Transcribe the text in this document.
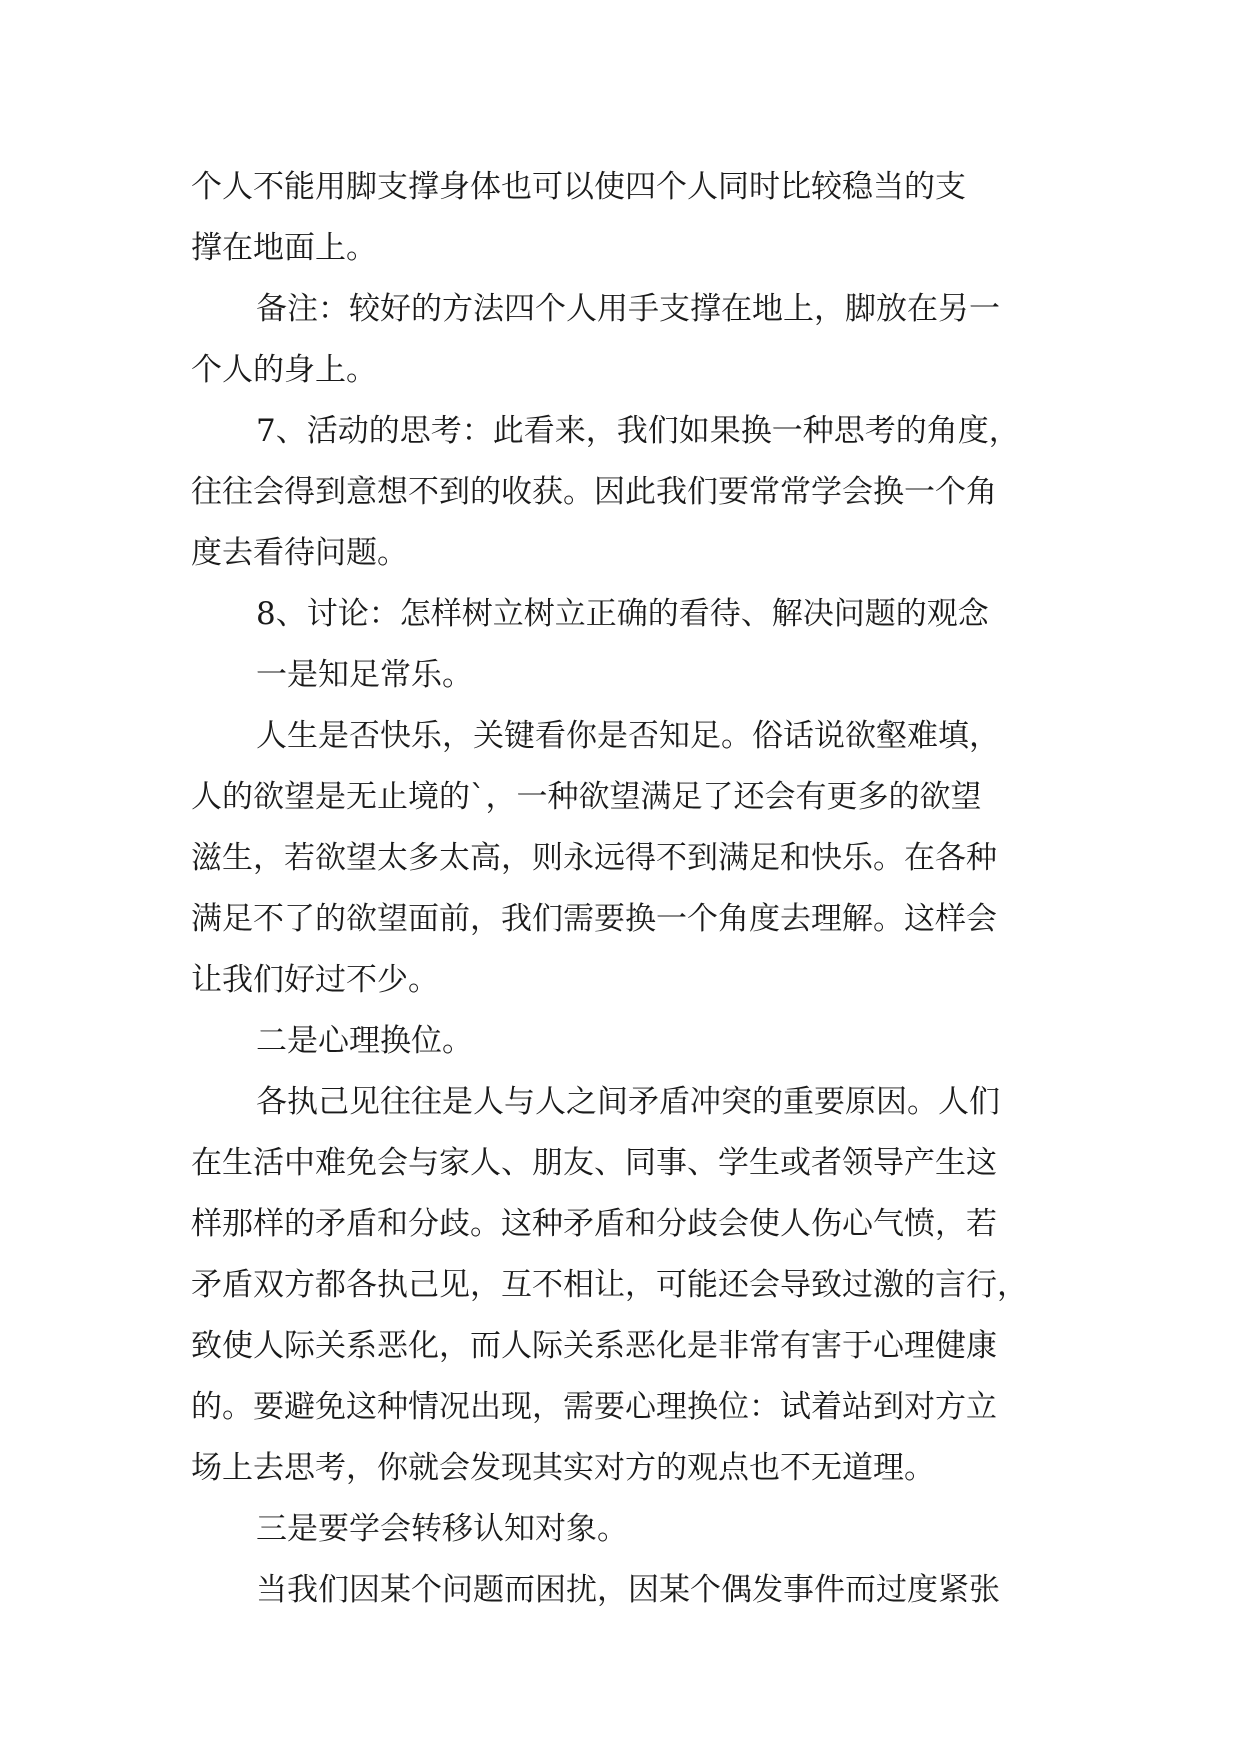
个人不能用脚支撑身体也可以使四个人同时比较稳当的支
撑在地面上。
备注：较好的方法四个人用手支撑在地上，脚放在另一
个人的身上。
7、活动的思考：此看来，我们如果换一种思考的角度，
往往会得到意想不到的收获。因此我们要常常学会换一个角
度去看待问题。
8、讨论：怎样树立树立正确的看待、解决问题的观念
一是知足常乐。
人生是否快乐，关键看你是否知足。俗话说欲壑难填，
人的欲望是无止境的`，一种欲望满足了还会有更多的欲望
滋生，若欲望太多太高，则永远得不到满足和快乐。在各种
满足不了的欲望面前，我们需要换一个角度去理解。这样会
让我们好过不少。
二是心理换位。
各执己见往往是人与人之间矛盾冲突的重要原因。人们
在生活中难免会与家人、朋友、同事、学生或者领导产生这
样那样的矛盾和分歧。这种矛盾和分歧会使人伤心气愤，若
矛盾双方都各执己见，互不相让，可能还会导致过激的言行，
致使人际关系恶化，而人际关系恶化是非常有害于心理健康
的。要避免这种情况出现，需要心理换位：试着站到对方立
场上去思考，你就会发现其实对方的观点也不无道理。
三是要学会转移认知对象。
当我们因某个问题而困扰，因某个偶发事件而过度紧张
